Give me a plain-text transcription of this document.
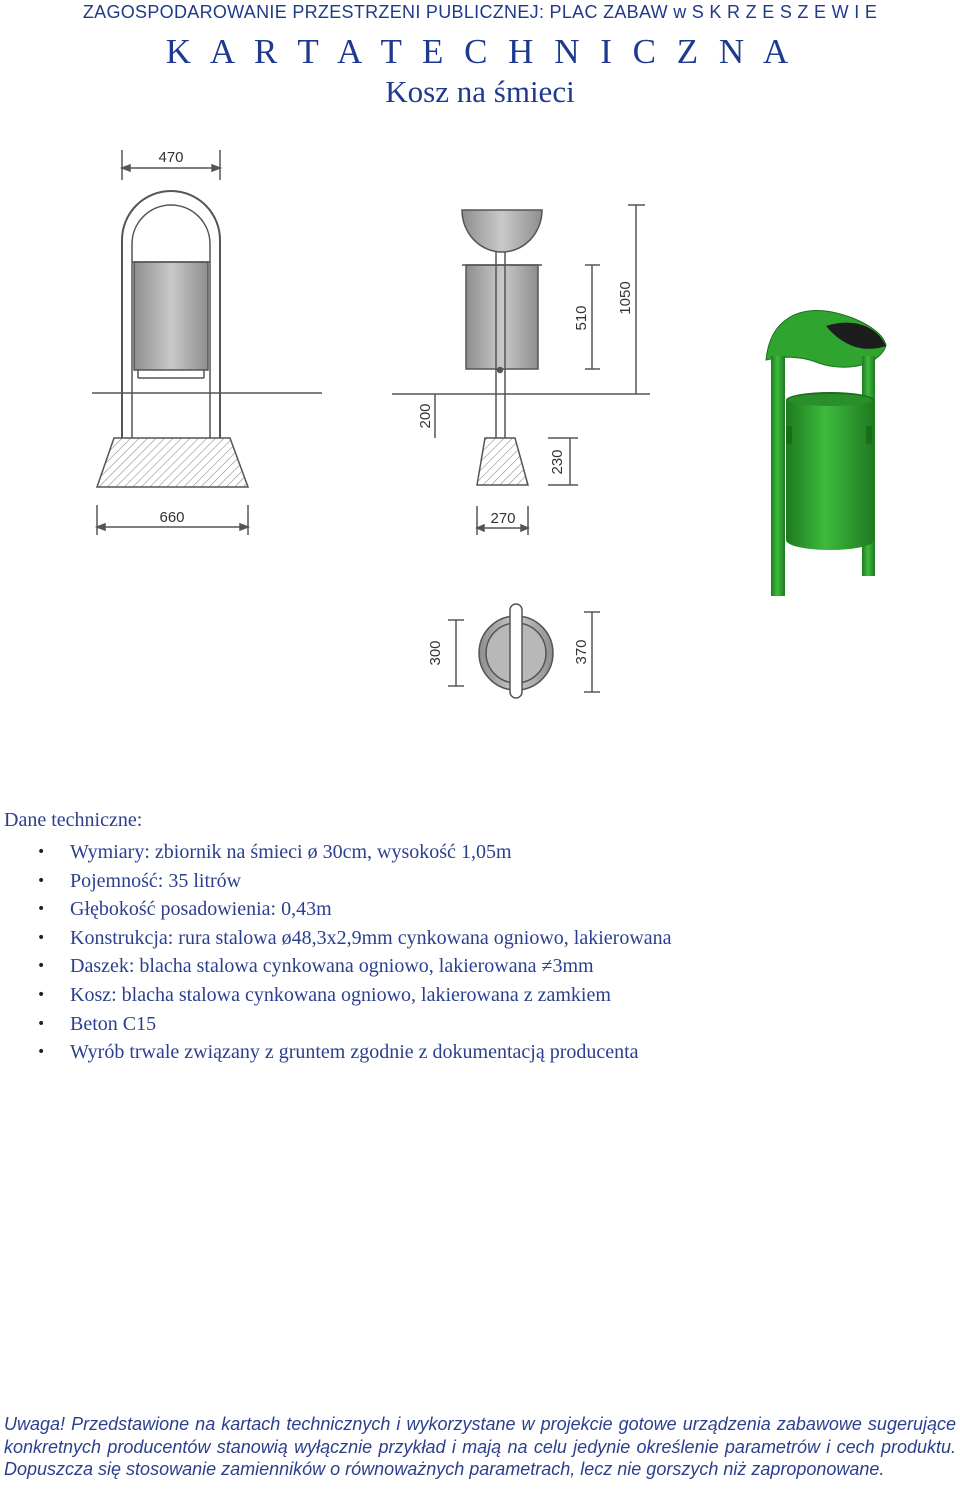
ZAGOSPODAROWANIE PRZESTRZENI PUBLICZNEJ: PLAC ZABAW w S K R Z E S Z E W I E
K A R T A T E C H N I C Z N A
Kosz na śmieci
470
660
200
230
510
1050
270
300	370
Dane techniczne:
• Wymiary: zbiornik na śmieci ø 30cm, wysokość 1,05m
• Pojemność: 35 litrów
• Głębokość posadowienia: 0,43m
• Konstrukcja: rura stalowa ø48,3x2,9mm cynkowana ogniowo, lakierowana
• Daszek: blacha stalowa cynkowana ogniowo, lakierowana ≠3mm
• Kosz: blacha stalowa cynkowana ogniowo, lakierowana z zamkiem
• Beton C15
• Wyrób trwale związany z gruntem zgodnie z dokumentacją producenta
Uwaga! Przedstawione na kartach technicznych i wykorzystane w projekcie gotowe urządzenia zabawowe sugerujące konkretnych producentów stanowią wyłącznie przykład i mają na celu jedynie określenie parametrów i cech produktu. Dopuszcza się stosowanie zamienników o równoważnych parametrach, lecz nie gorszych niż zaproponowane.
